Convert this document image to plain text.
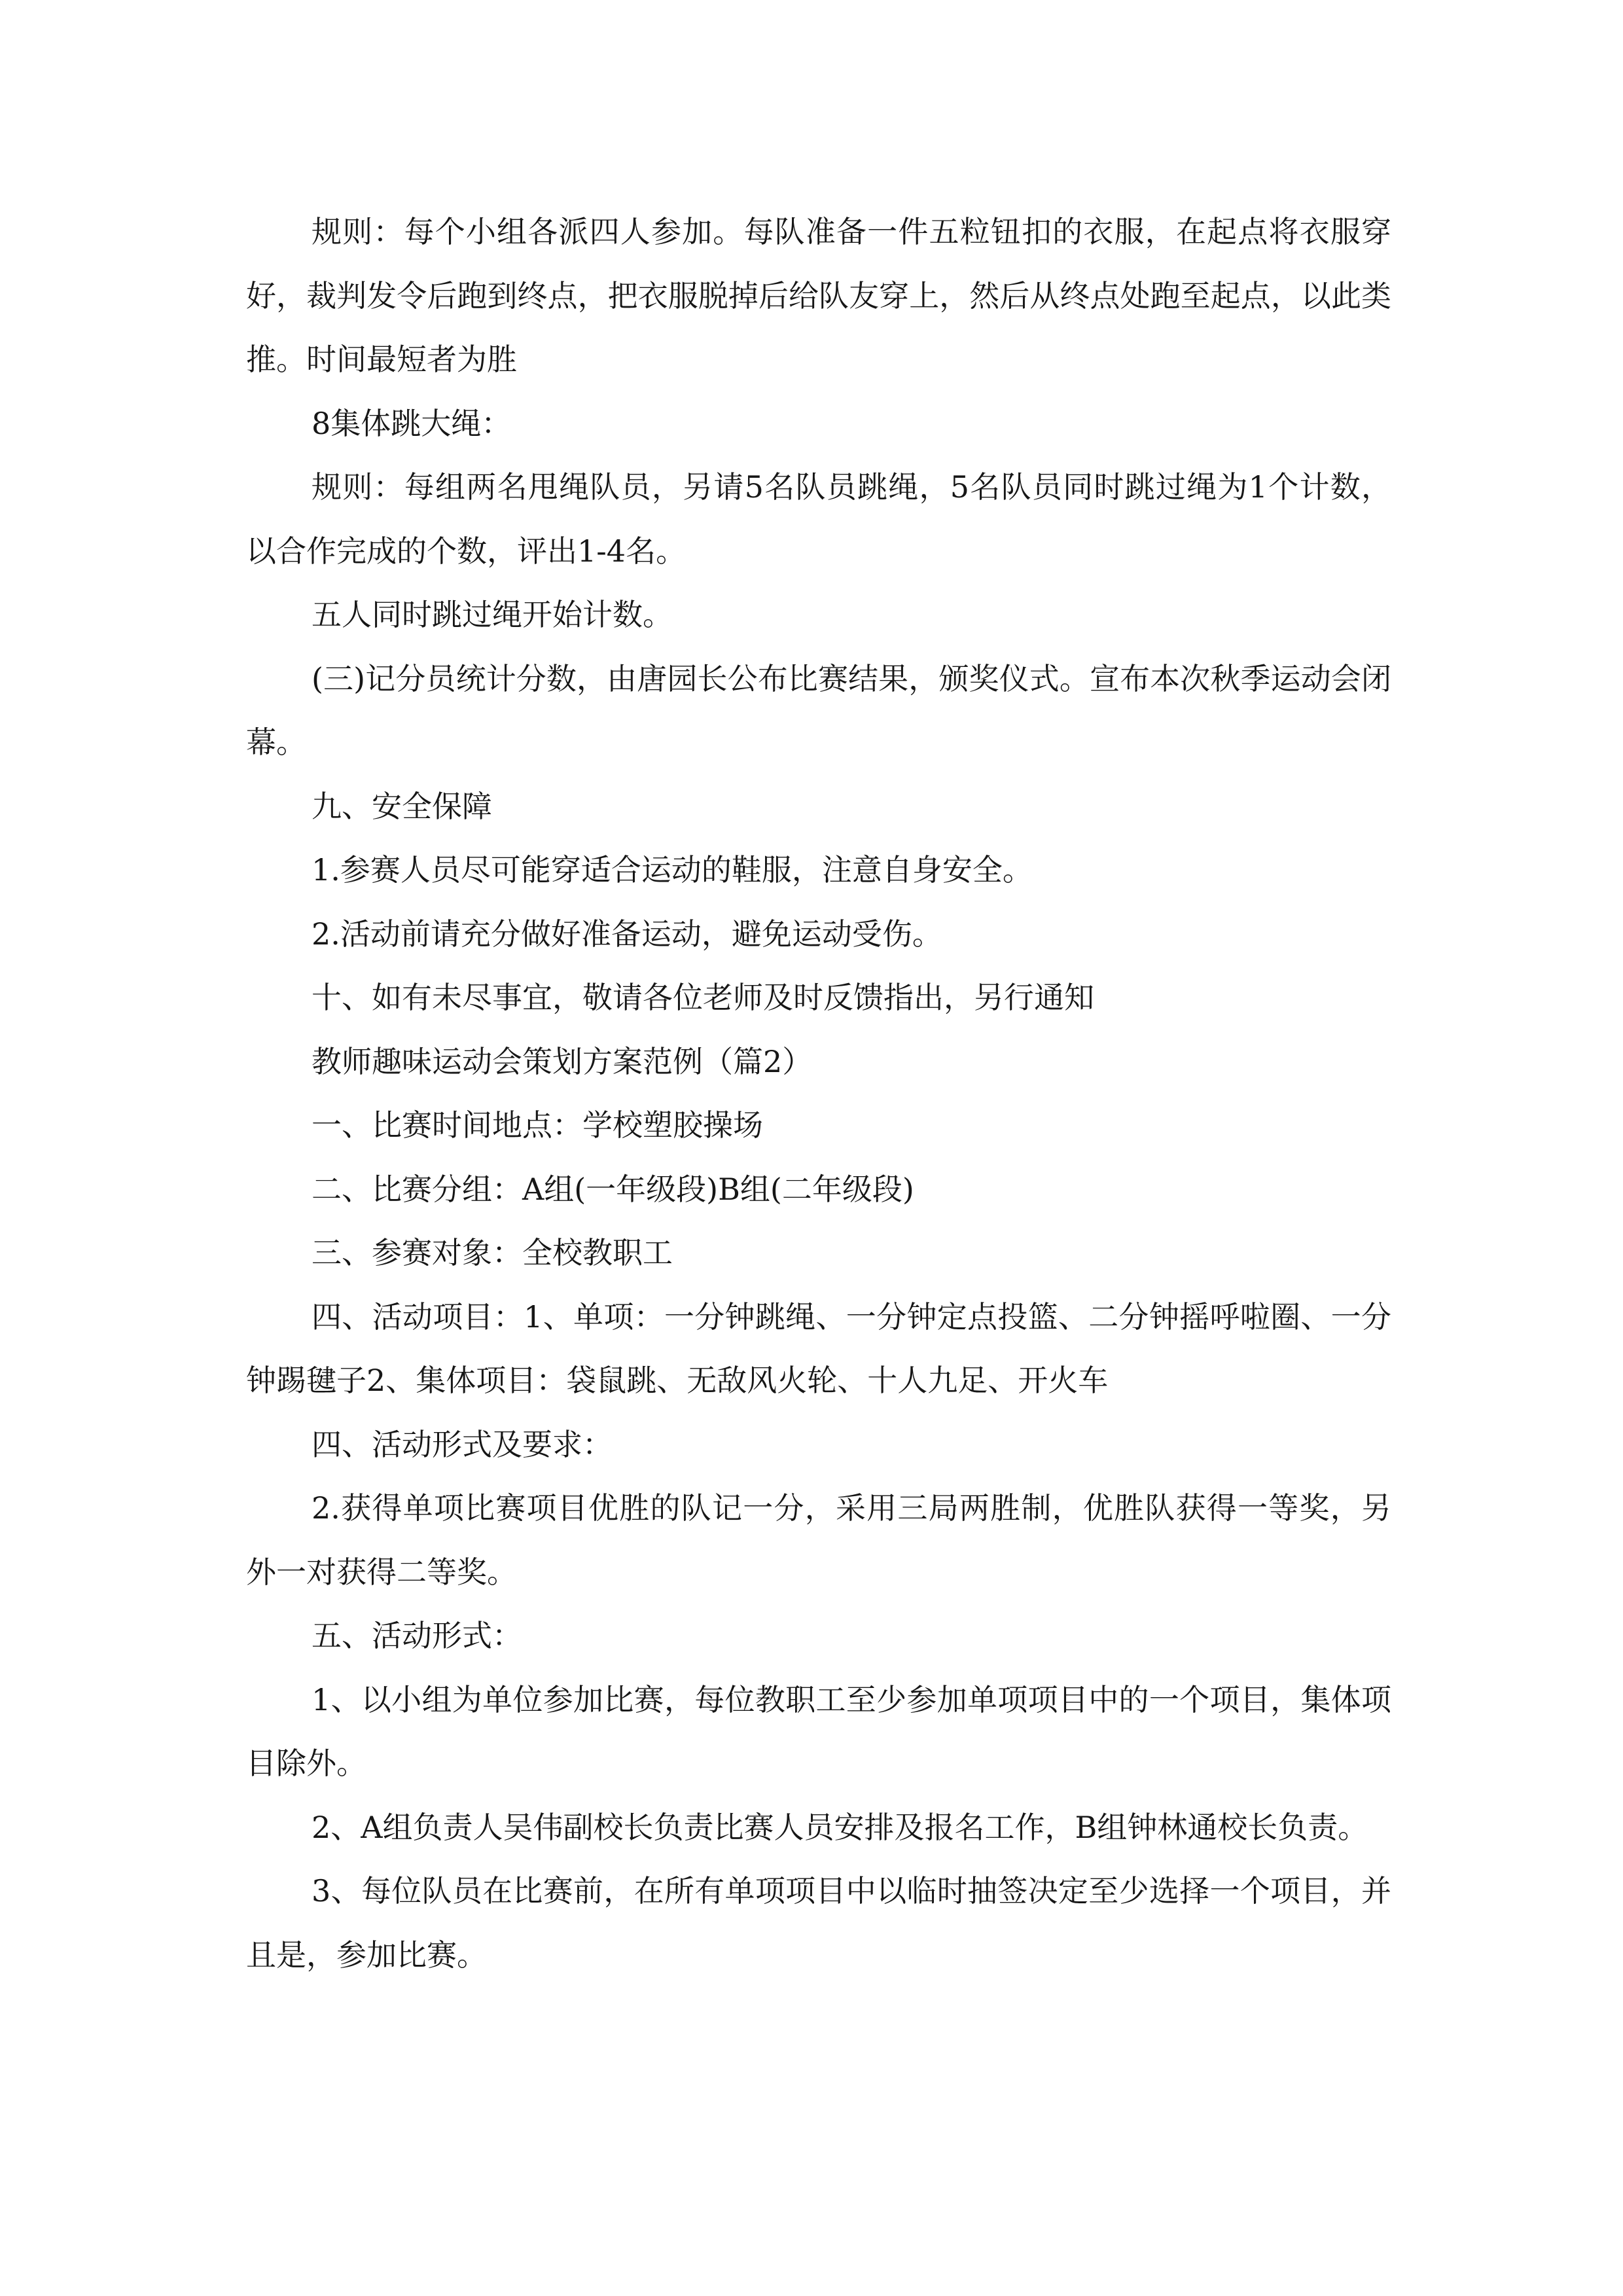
规则：每个小组各派四人参加。每队准备一件五粒钮扣的衣服，在起点将衣服穿好，裁判发令后跑到终点，把衣服脱掉后给队友穿上，然后从终点处跑至起点，以此类推。时间最短者为胜

8集体跳大绳：

规则：每组两名甩绳队员，另请5名队员跳绳，5名队员同时跳过绳为1个计数，以合作完成的个数，评出1-4名。

五人同时跳过绳开始计数。

(三)记分员统计分数，由唐园长公布比赛结果，颁奖仪式。宣布本次秋季运动会闭幕。

九、安全保障

1.参赛人员尽可能穿适合运动的鞋服，注意自身安全。

2.活动前请充分做好准备运动，避免运动受伤。

十、如有未尽事宜，敬请各位老师及时反馈指出，另行通知

教师趣味运动会策划方案范例（篇2）

一、比赛时间地点：学校塑胶操场

二、比赛分组：A组(一年级段)B组(二年级段)

三、参赛对象：全校教职工

四、活动项目：1、单项：一分钟跳绳、一分钟定点投篮、二分钟摇呼啦圈、一分钟踢毽子2、集体项目：袋鼠跳、无敌风火轮、十人九足、开火车

四、活动形式及要求：

2.获得单项比赛项目优胜的队记一分，采用三局两胜制，优胜队获得一等奖，另外一对获得二等奖。

五、活动形式：

1、以小组为单位参加比赛，每位教职工至少参加单项项目中的一个项目，集体项目除外。

2、A组负责人吴伟副校长负责比赛人员安排及报名工作，B组钟林通校长负责。

3、每位队员在比赛前，在所有单项项目中以临时抽签决定至少选择一个项目，并且是，参加比赛。
